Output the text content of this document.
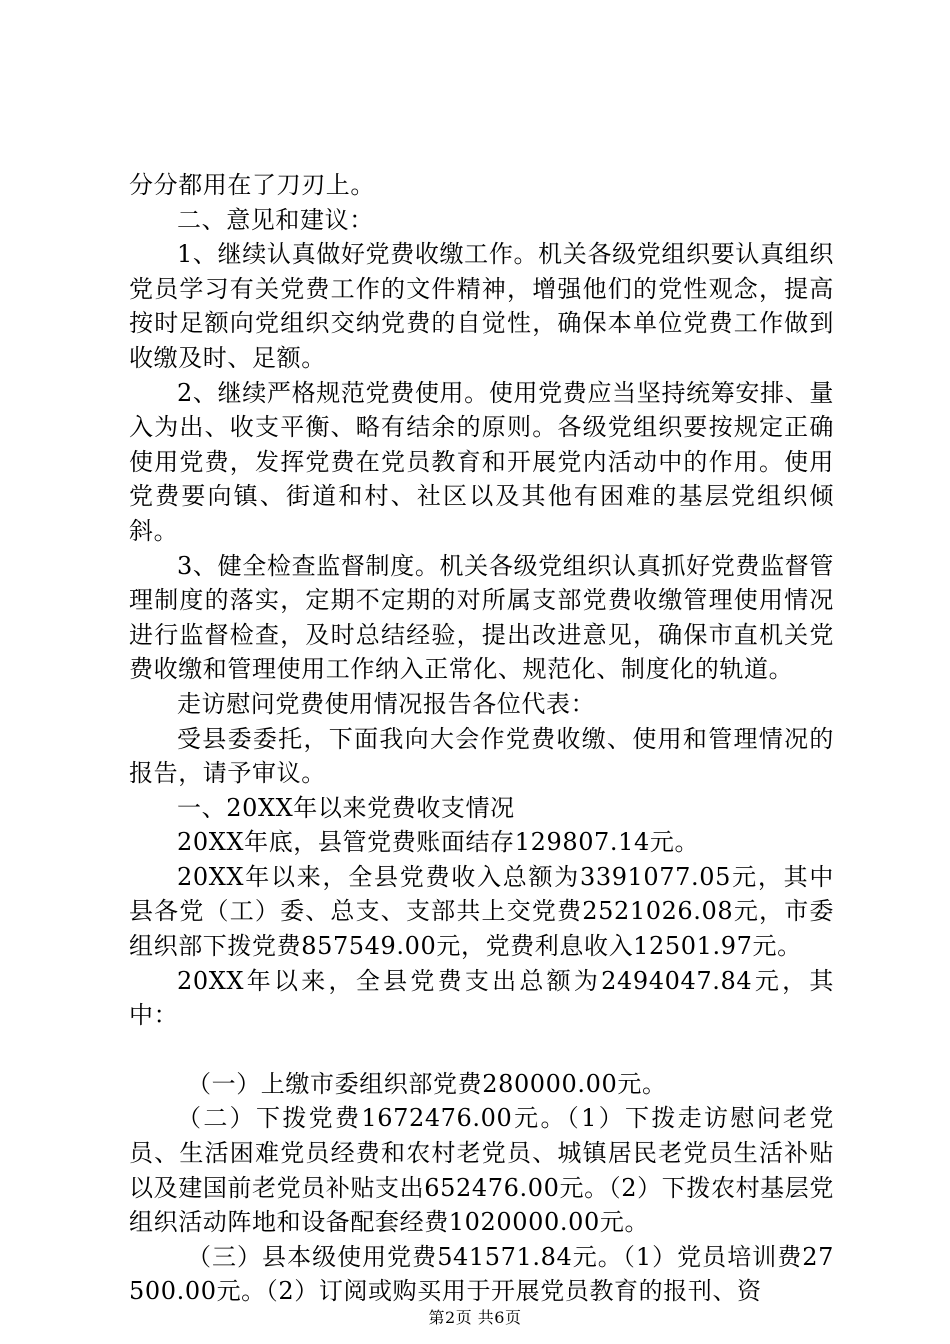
分分都用在了刀刃上。

二、意见和建议：

1、继续认真做好党费收缴工作。机关各级党组织要认真组织党员学习有关党费工作的文件精神，增强他们的党性观念，提高按时足额向党组织交纳党费的自觉性，确保本单位党费工作做到收缴及时、足额。

2、继续严格规范党费使用。使用党费应当坚持统筹安排、量入为出、收支平衡、略有结余的原则。各级党组织要按规定正确使用党费，发挥党费在党员教育和开展党内活动中的作用。使用党费要向镇、街道和村、社区以及其他有困难的基层党组织倾斜。

3、健全检查监督制度。机关各级党组织认真抓好党费监督管理制度的落实，定期不定期的对所属支部党费收缴管理使用情况进行监督检查，及时总结经验，提出改进意见，确保市直机关党费收缴和管理使用工作纳入正常化、规范化、制度化的轨道。

走访慰问党费使用情况报告各位代表：

受县委委托，下面我向大会作党费收缴、使用和管理情况的报告，请予审议。

一、20XX年以来党费收支情况

20XX年底，县管党费账面结存129807.14元。

20XX年以来，全县党费收入总额为3391077.05元，其中县各党（工）委、总支、支部共上交党费2521026.08元，市委组织部下拨党费857549.00元，党费利息收入12501.97元。

20XX年以来，全县党费支出总额为2494047.84元，其中：

（一）上缴市委组织部党费280000.00元。

（二）下拨党费1672476.00元。（1）下拨走访慰问老党员、生活困难党员经费和农村老党员、城镇居民老党员生活补贴以及建国前老党员补贴支出652476.00元。（2）下拨农村基层党组织活动阵地和设备配套经费1020000.00元。

（三）县本级使用党费541571.84元。（1）党员培训费27500.00元。（2）订阅或购买用于开展党员教育的报刊、资

第2页 共6页
